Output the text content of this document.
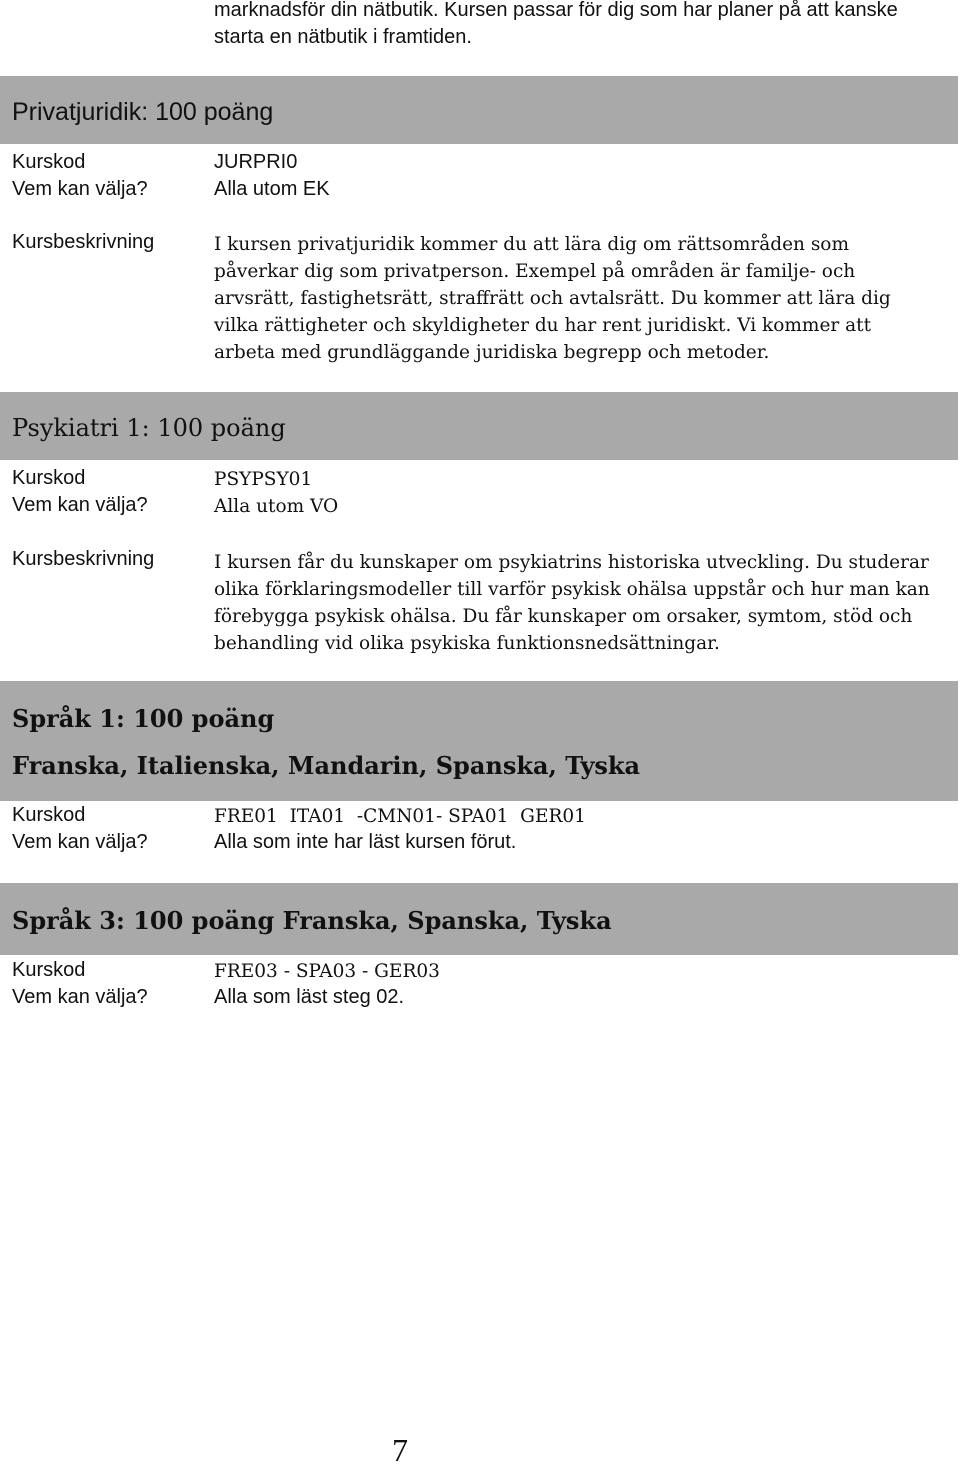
marknadsför din nätbutik. Kursen passar för dig som har planer på att kanske starta en nätbutik i framtiden.

Privatjuridik: 100 poäng

Kurskod	JURPRI0

Vem kan välja?	Alla utom EK

Kursbeskrivning	I kursen privatjuridik kommer du att lära dig om rättsområden som påverkar dig som privatperson. Exempel på områden är familje- och arvsrätt, fastighetsrätt, straffrätt och avtalsrätt. Du kommer att lära dig vilka rättigheter och skyldigheter du har rent juridiskt. Vi kommer att arbeta med grundläggande juridiska begrepp och metoder.

Psykiatri 1: 100 poäng

Kurskod	PSYPSY01

Vem kan välja?	Alla utom VO

Kursbeskrivning	I kursen får du kunskaper om psykiatrins historiska utveckling. Du studerar olika förklaringsmodeller till varför psykisk ohälsa uppstår och hur man kan förebygga psykisk ohälsa. Du får kunskaper om orsaker, symtom, stöd och behandling vid olika psykiska funktionsnedsättningar.

Språk 1: 100 poäng
Franska, Italienska, Mandarin, Spanska, Tyska

Kurskod	FRE01  ITA01  -CMN01- SPA01  GER01

Vem kan välja?	Alla som inte har läst kursen förut.

Språk 3: 100 poäng Franska, Spanska, Tyska

Kurskod	FRE03 - SPA03 - GER03

Vem kan välja?	Alla som läst steg 02.

7
